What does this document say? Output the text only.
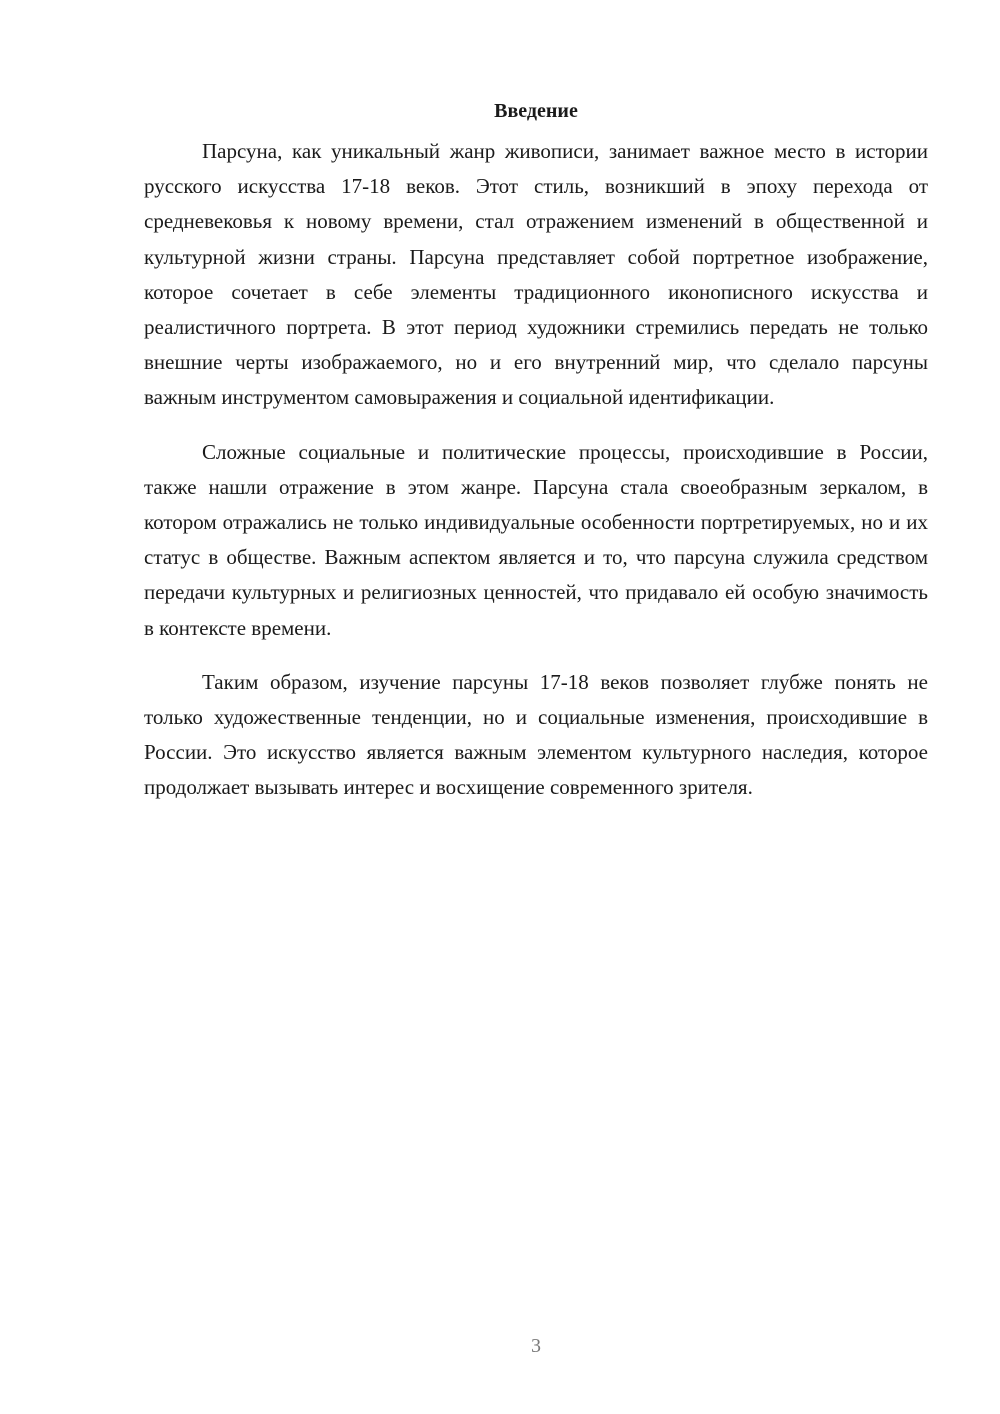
Введение

Парсуна, как уникальный жанр живописи, занимает важное место в истории русского искусства 17-18 веков. Этот стиль, возникший в эпоху перехода от средневековья к новому времени, стал отражением изменений в общественной и культурной жизни страны. Парсуна представляет собой портретное изображение, которое сочетает в себе элементы традиционного иконописного искусства и реалистичного портрета. В этот период художники стремились передать не только внешние черты изображаемого, но и его внутренний мир, что сделало парсуны важным инструментом самовыражения и социальной идентификации.

Сложные социальные и политические процессы, происходившие в России, также нашли отражение в этом жанре. Парсуна стала своеобразным зеркалом, в котором отражались не только индивидуальные особенности портретируемых, но и их статус в обществе. Важным аспектом является и то, что парсуна служила средством передачи культурных и религиозных ценностей, что придавало ей особую значимость в контексте времени.

Таким образом, изучение парсуны 17-18 веков позволяет глубже понять не только художественные тенденции, но и социальные изменения, происходившие в России. Это искусство является важным элементом культурного наследия, которое продолжает вызывать интерес и восхищение современного зрителя.

3
